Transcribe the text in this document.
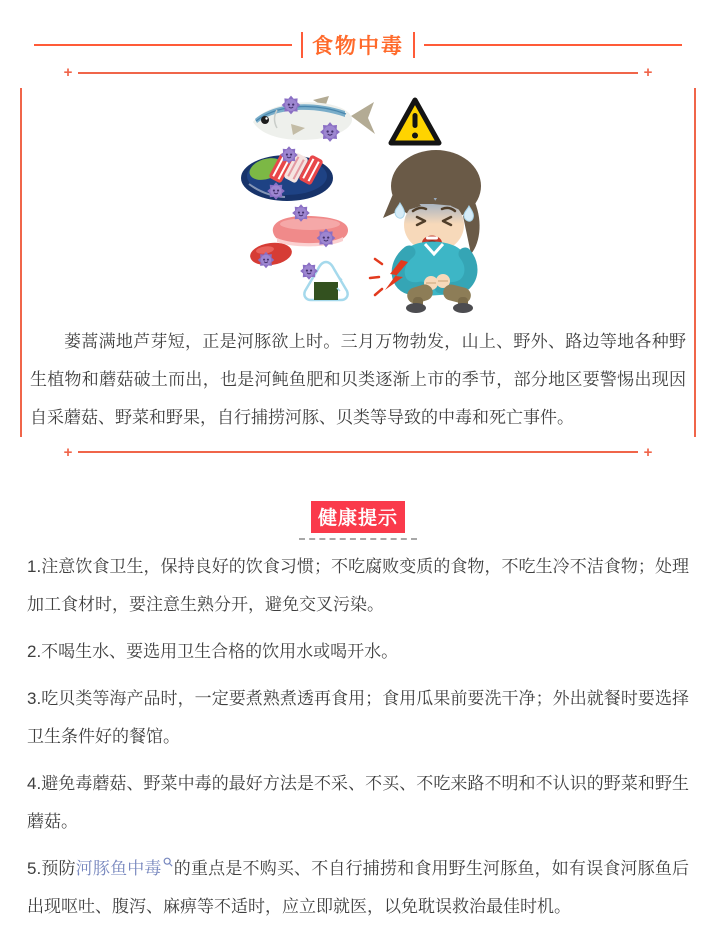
食物中毒
+	+
+	+

蒌蒿满地芦芽短，正是河豚欲上时。三月万物勃发，山上、野外、路边等地各种野生植物和蘑菇破土而出，也是河鲀鱼肥和贝类逐渐上市的季节，部分地区要警惕出现因自采蘑菇、野菜和野果，自行捕捞河豚、贝类等导致的中毒和死亡事件。

健康提示

1.注意饮食卫生，保持良好的饮食习惯；不吃腐败变质的食物，不吃生冷不洁食物；处理加工食材时，要注意生熟分开，避免交叉污染。

2.不喝生水、要选用卫生合格的饮用水或喝开水。

3.吃贝类等海产品时，一定要煮熟煮透再食用；食用瓜果前要洗干净；外出就餐时要选择卫生条件好的餐馆。

4.避免毒蘑菇、野菜中毒的最好方法是不采、不买、不吃来路不明和不认识的野菜和野生蘑菇。

5.预防河豚鱼中毒 的重点是不购买、不自行捕捞和食用野生河豚鱼，如有误食河豚鱼后出现呕吐、腹泻、麻痹等不适时，应立即就医，以免耽误救治最佳时机。
